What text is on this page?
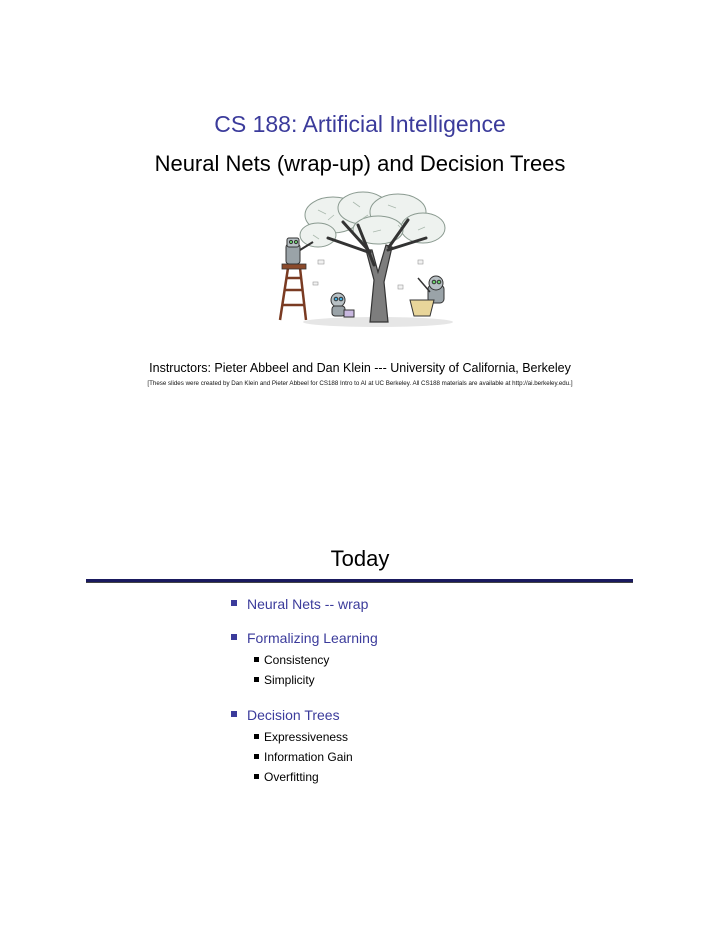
CS 188: Artificial Intelligence
Neural Nets (wrap-up) and Decision Trees
Instructors: Pieter Abbeel and Dan Klein --- University of California, Berkeley
[These slides were created by Dan Klein and Pieter Abbeel for CS188 Intro to AI at UC Berkeley. All CS188 materials are available at http://ai.berkeley.edu.]
Today
Neural Nets -- wrap
Formalizing Learning
Consistency
Simplicity
Decision Trees
Expressiveness
Information Gain
Overfitting
